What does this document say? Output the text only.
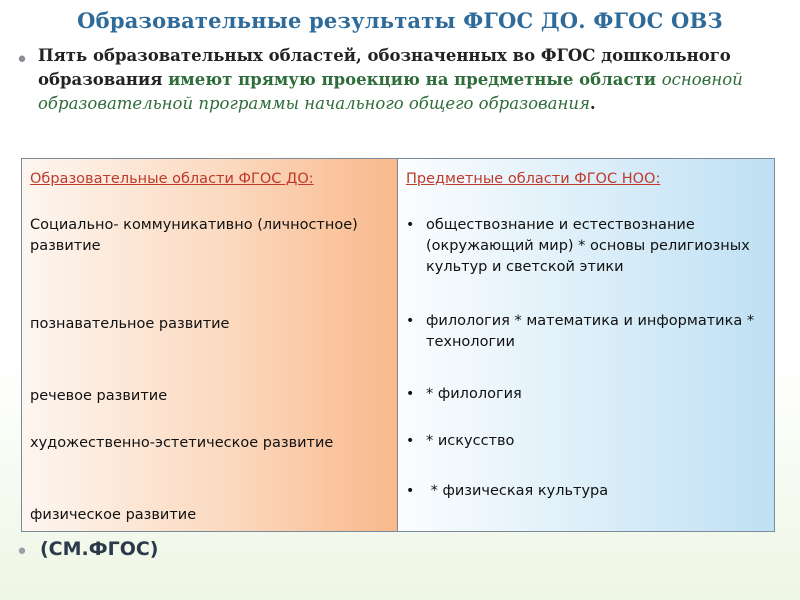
Образовательные результаты ФГОС ДО. ФГОС ОВЗ
• Пять образовательных областей, обозначенных во ФГОС дошкольного образования имеют прямую проекцию на предметные области основной образовательной программы начального общего образования.
Образовательные области ФГОС ДО:
Социально- коммуникативно (личностное) развитие
познавательное развитие
речевое развитие
художественно-эстетическое развитие
физическое развитие
Предметные области ФГОС НОО:
• обществознание и естествознание (окружающий мир) * основы религиозных культур и светской этики
• филология * математика и информатика * технологии
• * филология
• * искусство
• * физическая культура
• (СМ.ФГОС)
